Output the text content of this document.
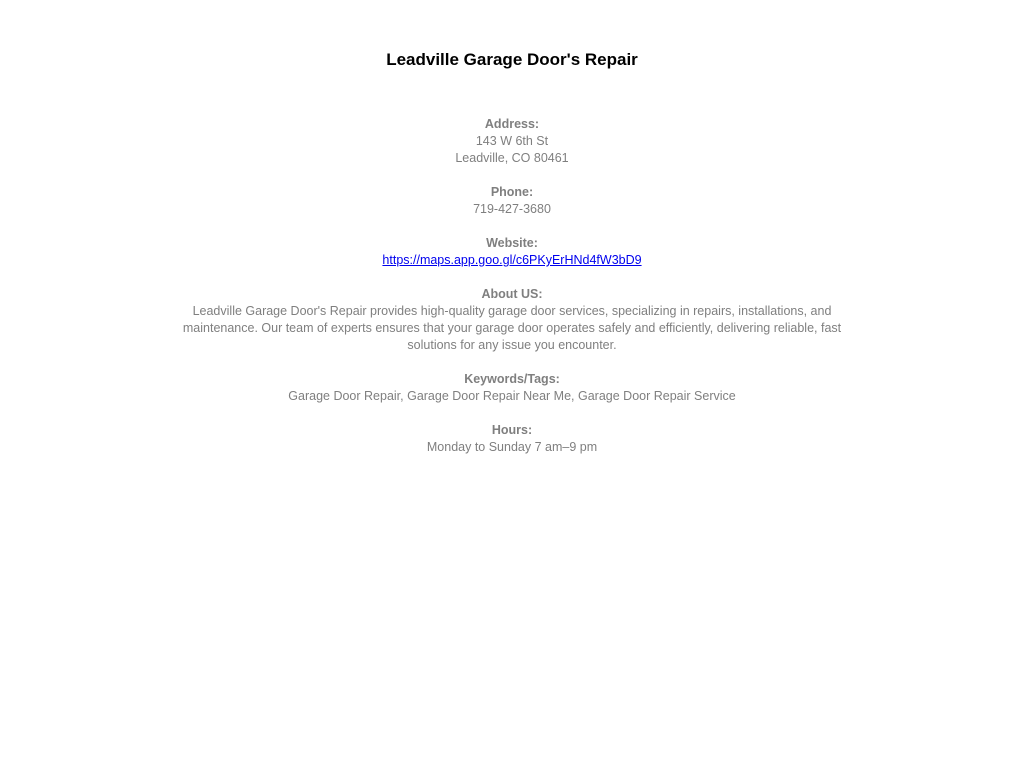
Leadville Garage Door's Repair
Address:
143 W 6th St
Leadville, CO 80461
Phone:
719-427-3680
Website:
https://maps.app.goo.gl/c6PKyErHNd4fW3bD9
About US:
Leadville Garage Door's Repair provides high-quality garage door services, specializing in repairs, installations, and maintenance. Our team of experts ensures that your garage door operates safely and efficiently, delivering reliable, fast solutions for any issue you encounter.
Keywords/Tags:
Garage Door Repair, Garage Door Repair Near Me, Garage Door Repair Service
Hours:
Monday to Sunday 7 am–9 pm
